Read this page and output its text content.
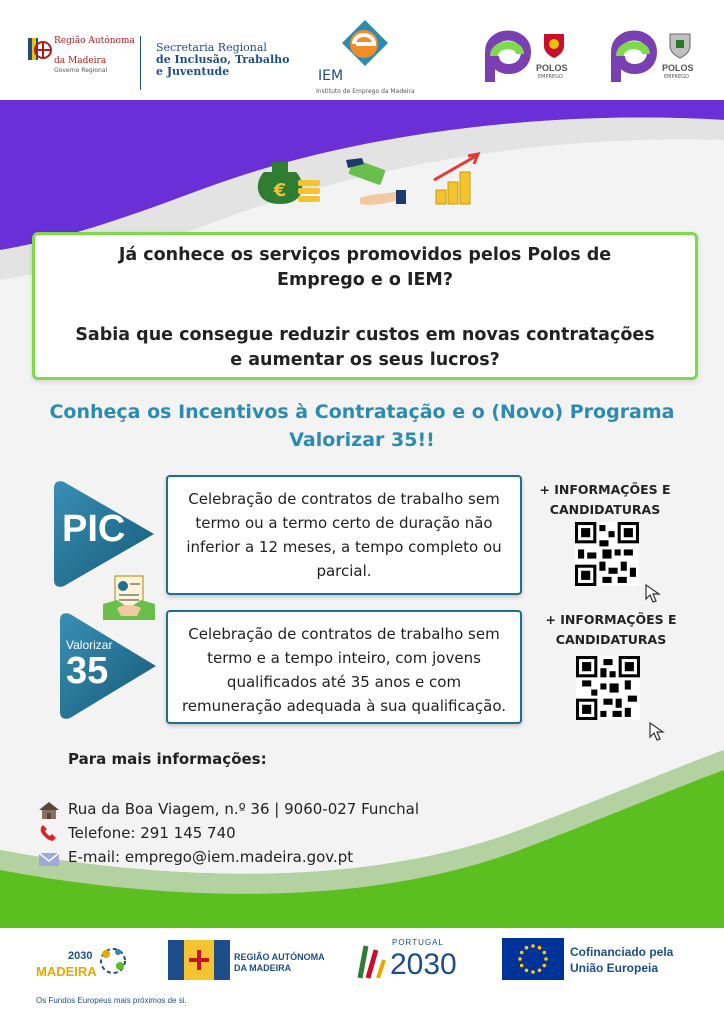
Região Autónoma
da Madeira
Governo Regional
Secretaria Regional
de Inclusão, Trabalho
e Juventude	IEM
Instituto de Emprego da Madeira
POLOS
EMPREGO
POLOS
EMPREGO
€

Já conhece os serviços promovidos pelos Polos de Emprego e o IEM?

Sabia que consegue reduzir custos em novas contratações e aumentar os seus lucros?

Conheça os Incentivos à Contratação e o (Novo) Programa Valorizar 35!!
PIC
Celebração de contratos de trabalho sem termo ou a termo certo de duração não inferior a 12 meses, a tempo completo ou parcial.
+ INFORMAÇÕES E CANDIDATURAS
Valorizar
35
Celebração de contratos de trabalho sem termo e a tempo inteiro, com jovens qualificados até 35 anos e com remuneração adequada à sua qualificação.
+ INFORMAÇÕES E CANDIDATURAS
Para mais informações:
Rua da Boa Viagem, n.º 36 | 9060-027 Funchal
Telefone: 291 145 740
E-mail: emprego@iem.madeira.gov.pt
2030
MADEIRA
REGIÃO AUTÓNOMA
DA MADEIRA
PORTUGAL
2030	Cofinanciado pela
União Europeia
Os Fundos Europeus mais próximos de si.
